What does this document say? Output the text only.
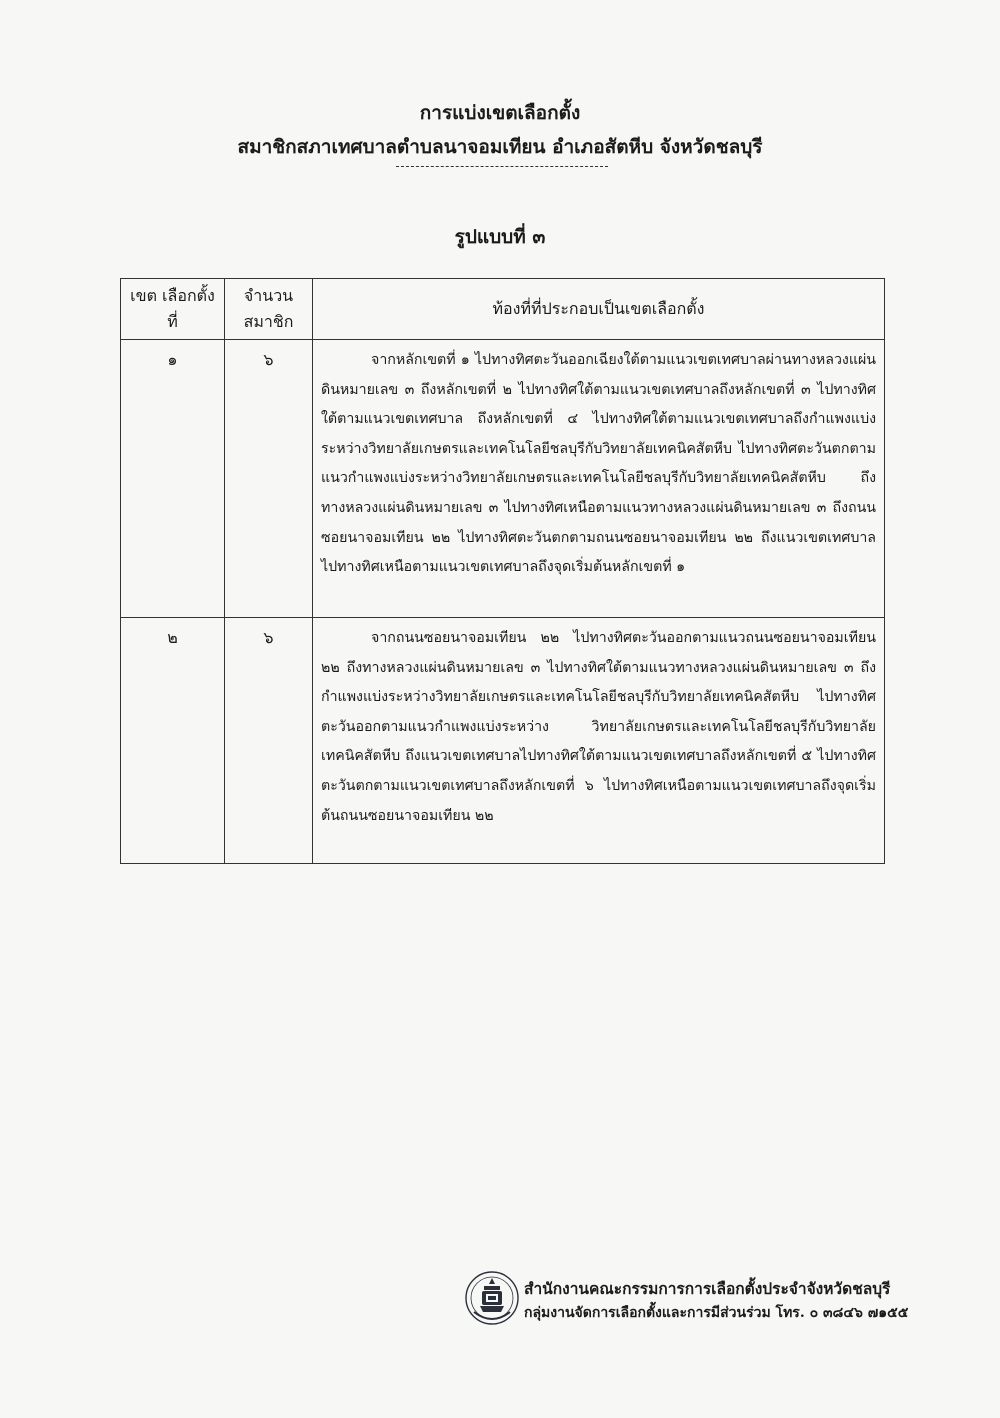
การแบ่งเขตเลือกตั้ง
สมาชิกสภาเทศบาลตำบลนาจอมเทียน อำเภอสัตหีบ จังหวัดชลบุรี
รูปแบบที่ ๓
เขต เลือกตั้งที่	จำนวน สมาชิก	ท้องที่ที่ประกอบเป็นเขตเลือกตั้ง
๑	๖	จากหลักเขตที่ ๑ ไปทางทิศตะวันออกเฉียงใต้ตามแนวเขตเทศบาลผ่านทางหลวงแผ่นดินหมายเลข ๓ ถึงหลักเขตที่ ๒ ไปทางทิศใต้ตามแนวเขตเทศบาลถึงหลักเขตที่ ๓ ไปทางทิศใต้ตามแนวเขตเทศบาล ถึงหลักเขตที่ ๔ ไปทางทิศใต้ตามแนวเขตเทศบาลถึงกำแพงแบ่งระหว่างวิทยาลัยเกษตรและเทคโนโลยีชลบุรีกับวิทยาลัยเทคนิคสัตหีบ ไปทางทิศตะวันตกตามแนวกำแพงแบ่งระหว่างวิทยาลัยเกษตรและเทคโนโลยีชลบุรีกับวิทยาลัยเทคนิคสัตหีบ ถึงทางหลวงแผ่นดินหมายเลข ๓ ไปทางทิศเหนือตามแนวทางหลวงแผ่นดินหมายเลข ๓ ถึงถนนซอยนาจอมเทียน ๒๒ ไปทางทิศตะวันตกตามถนนซอยนาจอมเทียน ๒๒ ถึงแนวเขตเทศบาลไปทางทิศเหนือตามแนวเขตเทศบาลถึงจุดเริ่มต้นหลักเขตที่ ๑
๒	๖	จากถนนซอยนาจอมเทียน ๒๒ ไปทางทิศตะวันออกตามแนวถนนซอยนาจอมเทียน ๒๒ ถึงทางหลวงแผ่นดินหมายเลข ๓ ไปทางทิศใต้ตามแนวทางหลวงแผ่นดินหมายเลข ๓ ถึงกำแพงแบ่งระหว่างวิทยาลัยเกษตรและเทคโนโลยีชลบุรีกับวิทยาลัยเทคนิคสัตหีบ ไปทางทิศตะวันออกตามแนวกำแพงแบ่งระหว่าง วิทยาลัยเกษตรและเทคโนโลยีชลบุรีกับวิทยาลัยเทคนิคสัตหีบ ถึงแนวเขตเทศบาลไปทางทิศใต้ตามแนวเขตเทศบาลถึงหลักเขตที่ ๕ ไปทางทิศตะวันตกตามแนวเขตเทศบาลถึงหลักเขตที่ ๖ ไปทางทิศเหนือตามแนวเขตเทศบาลถึงจุดเริ่มต้นถนนซอยนาจอมเทียน ๒๒
สำนักงานคณะกรรมการการเลือกตั้งประจำจังหวัดชลบุรี
กลุ่มงานจัดการเลือกตั้งและการมีส่วนร่วม โทร. ๐ ๓๘๔๖ ๗๑๕๕
